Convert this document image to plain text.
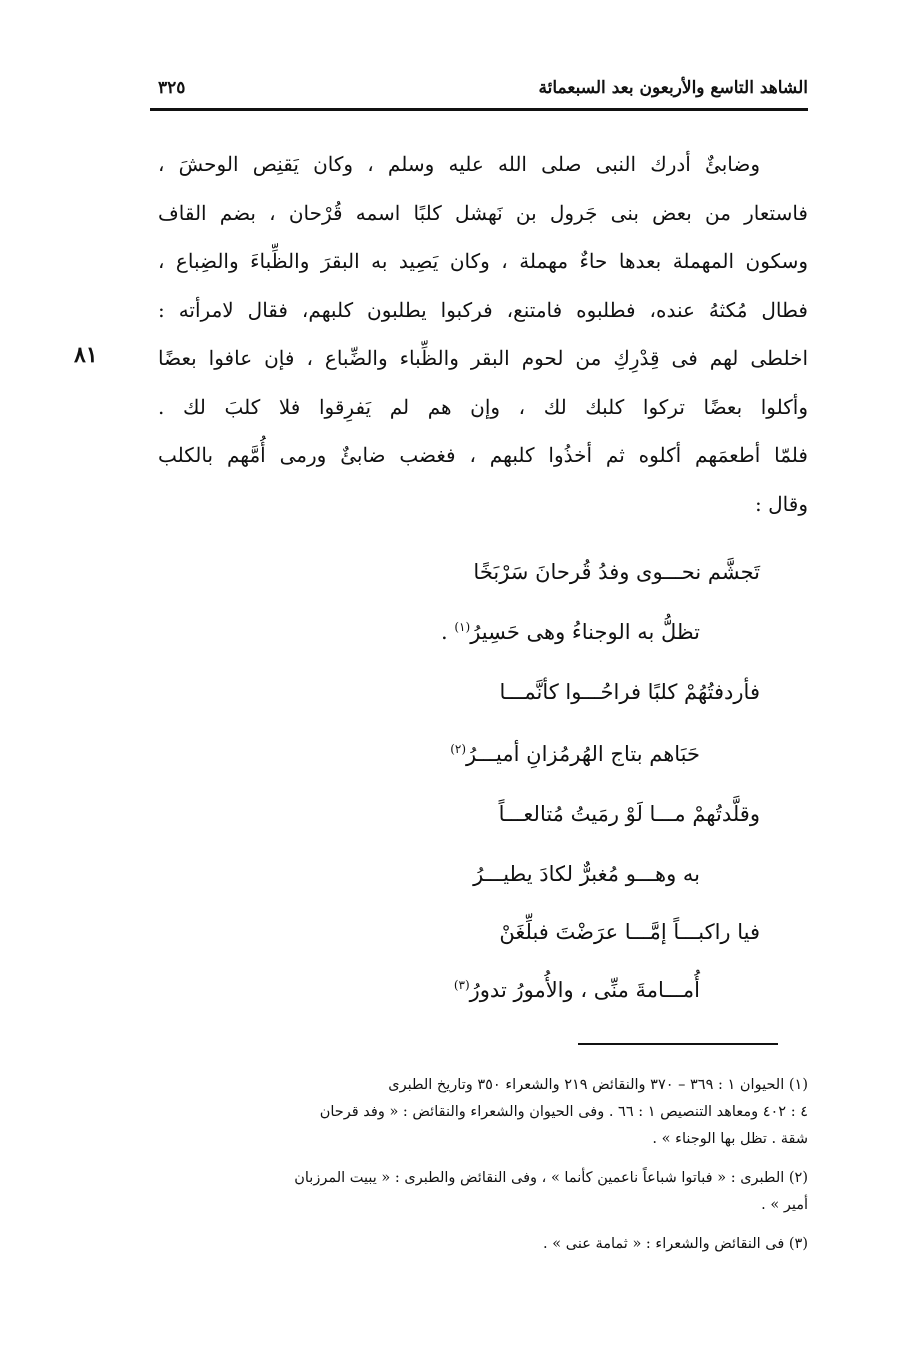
الشاهد التاسع والأربعون بعد السبعمائة
٣٢٥
٨١
وضابئٌ أدرك النبى صلى الله عليه وسلم ، وكان يَقنِص الوحشَ ،
فاستعار من بعض بنى جَرول بن نَهشل كلبًا اسمه قُرْحان ، بضم القاف
وسكون المهملة بعدها حاءٌ مهملة ، وكان يَصِيد به البقرَ والظِّباءَ والضِباع ،
فطال مُكثهُ عنده، فطلبوه فامتنع، فركبوا يطلبون كلبهم، فقال لامرأته :
اخلطى لهم فى قِدْرِكِ من لحوم البقر والظِّباء والضِّباع ، فإن عافوا بعضًا
وأكلوا بعضًا تركوا كلبك لك ، وإن هم لم يَفرِقوا فلا كلبَ لك .
فلمّا أطعمَهم أكلوه ثم أخذُوا كلبهم ، فغضب ضابئٌ ورمى أُمَّهم بالكلب
وقال :
تَجشَّم نحـــوى وفدُ قُرحانَ سَرْبَخًا
تظلُّ به الوجناءُ وهى حَسِيرُ$^{(١)}$ .
فأردفتُهُمْ كلبًا فراحُـــوا كأنَّمـــا
حَبَاهم بتاج الهُرمُزانِ أميـــرُ$^{(٢)}$
وقلَّدتُهمْ مـــا لَوْ رمَيتُ مُتالعـــاً
به وهـــو مُغبرٌّ لكادَ يطيـــرُ
فيا راكبـــاً إمَّـــا عرَضْتَ فبلِّغَنْ
أُمـــامةَ منِّى ، والأُمورُ تدورُ$^{(٣)}$
(١) الحيوان ١ : ٣٦٩ – ٣٧٠ والنقائض ٢١٩ والشعراء ٣٥٠ وتاريخ الطبرى
٤ : ٤٠٢ ومعاهد التنصيص ١ : ٦٦ . وفى الحيوان والشعراء والنقائض : « وفد قرحان
شقة . تظل بها الوجناء » .
(٢) الطبرى : « فباتوا شباعاً ناعمين كأنما » ، وفى النقائض والطبرى : « يبيت المرزبان
أمير » .
(٣) فى النقائض والشعراء : « ثمامة عنى » .
